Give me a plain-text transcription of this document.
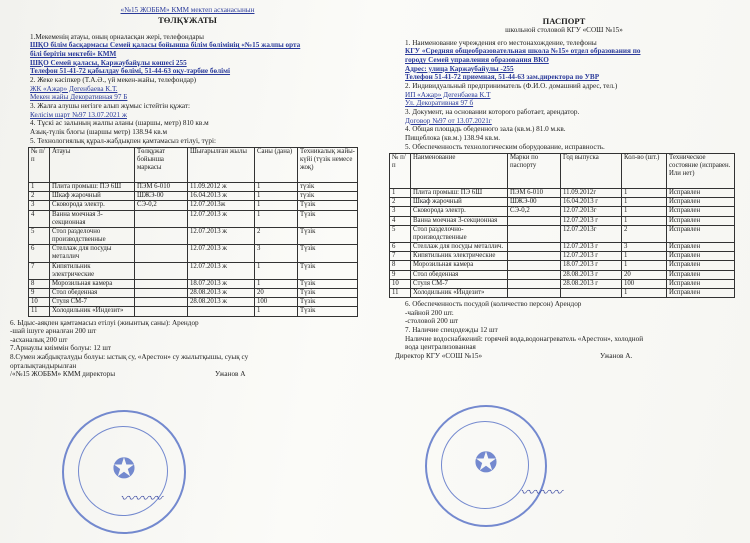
«№15 ЖОББМ» КММ мектеп асханасынын
ТӨЛҚҰЖАТЫ
1.Мекеменің атауы, оның орналасқан жері, телефондары
ШҚО білім басқармасы Семей қаласы бойынша білім бөлімінің «№15 жалпы орта
білі берітін мектебі» КММ
ШҚО Семей қаласы, Каржаубайұлы көшесі 255
Телефон 51-41-72 қабылдау бөлімі, 51-44-63 оқу-тәрбие бөлімі
2. Жеке кәсіпкер (Т.А.Ә., үй мекен-жайы, телефондар)
ЖК «Ажар» Дегенбаева К.Т.
Мекен жайы Декоративная 97 Б
3. Жалға алушы негізге алып жұмыс істейтін құжат:
Келісім шарт №97 13.07.2021 ж
4. Тұскі ас залының жалпы аланы (шаршы, метр) 810 кв.м
Азық-түлік блогы (шаршы метр) 138.94 кв.м
5. Технологиялық құрал-жабдықпен қамтамасыз етілуі, түрі:
№ п/п	Атауы	Төлқұжат бойынша маркасы	Шығарылған жылы	Саны (дана)	Техникалық жайы-күйі (түзік немесе жоқ)
1	Плита промыш: ПЭ 6Ш	ПЭМ 6-010	11.09.2012 ж	1	түзік
2	Шкаф жарочный	ШЖЭ-00	16.04.2013 ж	1	түзік
3	Сковорода электр.	СЭ-0,2	12.07.2013ж	1	Түзік
4	Ванна моечная 3-секционная		12.07.2013 ж	1	Түзік
5	Стол разделочно производственные		12.07.2013 ж	2	Түзік
6	Стеллаж для посуды металлич		12.07.2013 ж	3	Түзік
7	Кипятильник электрические		12.07.2013 ж	1	Түзік
8	Морозильная камера		18.07.2013 ж	1	Түзік
9	Стол обеденная		28.08.2013 ж	20	Түзік
10	Стуля СМ-7		28.08.2013 ж	100	Түзік
11	Холодильник «Индезит»			1	Түзік
6. Ыдыс-аяқпен қамтамасыз етілуі (жиынтық саны): Арендор
-шай ішуге арналған 200 шт
-асханалық 200 шт
7.Арнаулы киіммін болуы: 12 шт
8.Сумен жабдықталуды болуы: ыстық су, «Арестон» су жылытқышы, суық су
орталықтандырылған
/«№15 ЖОББМ» КММ директоры	Ужанов А
ПАСПОРТ
школьной столовой КГУ «СОШ №15»
1. Наименование учреждения его местонахождение, телефоны
КГУ «Средняя общеобразовательная школа №15» отдел образования по
городу Семей управления образования ВКО
Адрес: улица Каржаубайулы -255
Телефон 51-41-72 приемная, 51-44-63 зам.директора по УВР
2. Индивидуальный предприниматель (Ф.И.О. домашний адрес, тел.)
ИП «Ажар» Дегенбаева К.Т
Ул. Декоративная 97 б
3. Документ, на основании которого работает, арендатор.
Договор №97 от 13.07.2021г
4. Общая площадь обеденного зала (кв.м.) 81.0 м.кв.
Пищеблока (кв.м.) 138.94 кв.м.
5. Обеспеченность технологическим оборудование, исправность.
№ п/п	Наименование	Марки по паспорту	Год выпуска	Кол-во (шт.)	Техническое состояние (исправен. Или нет)
1	Плита промыш: ПЭ 6Ш	ПЭМ 6-010	11.09.2012г	1	Исправлен
2	Шкаф жарочный	ШЖЭ-00	16.04.2013 г	1	Исправлен
3	Сковорода электр.	СЭ-0,2	12.07.2013г	1	Исправлен
4	Ванна моечная 3-секционная		12.07.2013 г	1	Исправлен
5	Стол разделочно-производственные		12.07.2013г	2	Исправлен
6	Стеллаж для посуды металлич.		12.07.2013 г	3	Исправлен
7	Кипятильник электрические		12.07.2013 г	1	Исправлен
8	Морозильная камера		18.07.2013 г	1	Исправлен
9	Стол обеденная		28.08.2013 г	20	Исправлен
10	Стуля СМ-7		28.08.2013 г	100	Исправлен
11	Холодильник «Индезит»			1	Исправлен
6. Обеспеченность посудой (количество персон) Арендор
-чайной 200 шт.
-столовой 200 шт
7. Наличие спецодежды 12 шт
Наличие водоснабжений: горячей вода,водонагреватель «Арестон», холодной
вода централизованная
Директор КГУ «СОШ №15»	Ужанов А.
✪
〰〰〰
✪
〰〰〰
